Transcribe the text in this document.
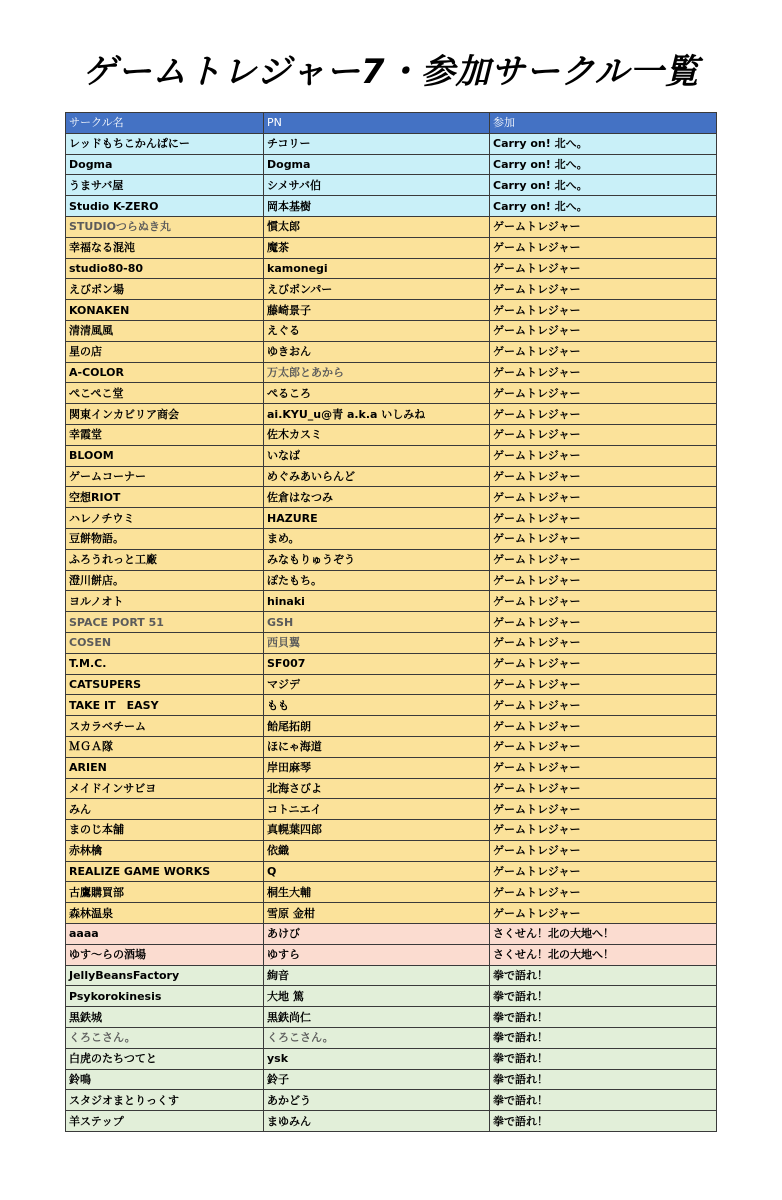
ゲームトレジャー7・参加サークル一覧
サークル名	PN	参加
レッドもちこかんぱにー	チコリー	Carry on! 北へ。
Dogma	Dogma	Carry on! 北へ。
うまサバ屋	シメサバ伯	Carry on! 北へ。
Studio K-ZERO	岡本基樹	Carry on! 北へ。
STUDIOつらぬき丸	慣太郎	ゲームトレジャー
幸福なる混沌	魔茶	ゲームトレジャー
studio80-80	kamonegi	ゲームトレジャー
えびポン場	えびポンパー	ゲームトレジャー
KONAKEN	藤崎景子	ゲームトレジャー
清清風風	えぐる	ゲームトレジャー
星の店	ゆきおん	ゲームトレジャー
A-COLOR	万太郎とあから	ゲームトレジャー
ぺこぺこ堂	ぺるころ	ゲームトレジャー
関東インカビリア商会	ai.KYU_u@青 a.k.a いしみね	ゲームトレジャー
幸霞堂	佐木カスミ	ゲームトレジャー
BLOOM	いなば	ゲームトレジャー
ゲームコーナー	めぐみあいらんど	ゲームトレジャー
空想RIOT	佐倉はなつみ	ゲームトレジャー
ハレノチウミ	HAZURE	ゲームトレジャー
豆餅物語。	まめ。	ゲームトレジャー
ふろうれっと工廠	みなもりゅうぞう	ゲームトレジャー
澄川餅店。	ぽたもち。	ゲームトレジャー
ヨルノオト	hinaki	ゲームトレジャー
SPACE PORT 51	GSH	ゲームトレジャー
COSEN	西貝翼	ゲームトレジャー
T.M.C.	SF007	ゲームトレジャー
CATSUPERS	マジデ	ゲームトレジャー
TAKE IT　EASY	もも	ゲームトレジャー
スカラベチーム	飴尾拓朗	ゲームトレジャー
ＭＧＡ隊	ほにゃ海道	ゲームトレジャー
ARIEN	岸田麻琴	ゲームトレジャー
メイドインサビヨ	北海さびよ	ゲームトレジャー
みん	コトニエイ	ゲームトレジャー
まのじ本舗	真幌葉四郎	ゲームトレジャー
赤林檎	依織	ゲームトレジャー
REALIZE GAME WORKS	Q	ゲームトレジャー
古鷹購買部	桐生大輔	ゲームトレジャー
森林温泉	雪原 金柑	ゲームトレジャー
aaaa	あけび	さくせん！北の大地へ！
ゆす～らの酒場	ゆすら	さくせん！北の大地へ！
JellyBeansFactory	絢音	拳で語れ！
Psykorokinesis	大地 篤	拳で語れ！
黒鉄城	黒鉄尚仁	拳で語れ！
くろこさん。	くろこさん。	拳で語れ！
白虎のたちつてと	ysk	拳で語れ！
鈴鳴	鈴子	拳で語れ！
スタジオまとりっくす	あかどう	拳で語れ！
羊ステップ	まゆみん	拳で語れ！
